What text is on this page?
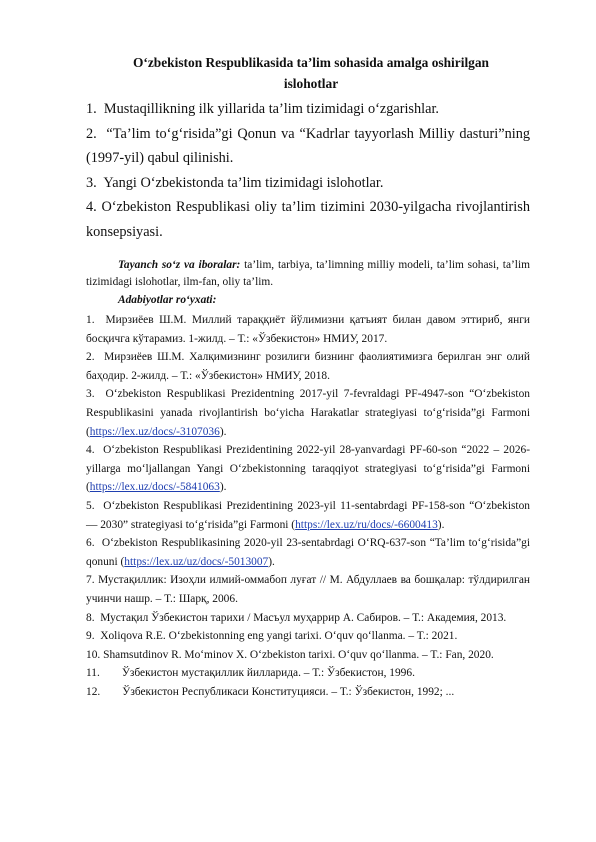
O‘zbekiston Respublikasida ta’lim sohasida amalga oshirilgan
islohotlar
1. Mustaqillikning ilk yillarida ta’lim tizimidagi o‘zgarishlar.
2. “Ta’lim to‘g‘risida”gi Qonun va “Kadrlar tayyorlash Milliy dasturi”ning (1997-yil) qabul qilinishi.
3. Yangi O‘zbekistonda ta’lim tizimidagi islohotlar.
4. O‘zbekiston Respublikasi oliy ta’lim tizimini 2030-yilgacha rivojlantirish konsepsiyasi.

Tayanch so‘z va iboralar: ta’lim, tarbiya, ta’limning milliy modeli, ta’lim sohasi, ta’lim tizimidagi islohotlar, ilm-fan, oliy ta’lim.

Adabiyotlar ro‘yxati:
1. Мирзиёев Ш.М. Миллий тараққиёт йўлимизни қатъият билан давом эттириб, янги босқичга кўтарамиз. 1-жилд. – Т.: «Ўзбекистон» НМИУ, 2017.
2. Мирзиёев Ш.М. Халқимизнинг розилиги бизнинг фаолиятимизга берилган энг олий баҳодир. 2-жилд. – Т.: «Ўзбекистон» НМИУ, 2018.
3. O‘zbekiston Respublikasi Prezidentning 2017-yil 7-fevraldagi PF-4947-son “O‘zbekiston Respublikasini yanada rivojlantirish bo‘yicha Harakatlar strategiyasi to‘g‘risida”gi Farmoni (https://lex.uz/docs/-3107036).
4. O‘zbekiston Respublikasi Prezidentining 2022-yil 28-yanvardagi PF-60-son “2022 – 2026-yillarga mo‘ljallangan Yangi O‘zbekistonning taraqqiyot strategiyasi to‘g‘risida”gi Farmoni (https://lex.uz/docs/-5841063).
5. O‘zbekiston Respublikasi Prezidentining 2023-yil 11-sentabrdagi PF-158-son “O‘zbekiston — 2030” strategiyasi to‘g‘risida”gi Farmoni (https://lex.uz/ru/docs/-6600413).
6. O‘zbekiston Respublikasining 2020-yil 23-sentabrdagi O‘RQ-637-son “Ta’lim to‘g‘risida”gi qonuni (https://lex.uz/uz/docs/-5013007).
7. Мустақиллик: Изоҳли илмий-оммабоп луғат // М. Абдуллаев ва бошқалар: тўлдирилган учинчи нашр. – Т.: Шарқ, 2006.
8. Мустақил Ўзбекистон тарихи / Масъул муҳаррир А. Сабиров. – Т.: Академия, 2013.
9. Xoliqova R.E. O‘zbekistonning eng yangi tarixi. O‘quv qo‘llanma. – T.: 2021.
10. Shamsutdinov R. Mo‘minov X. O‘zbekiston tarixi. O‘quv qo‘llanma. – T.: Fan, 2020.
11. Ўзбекистон мустақиллик йилларида. – Т.: Ўзбекистон, 1996.
12. Ўзбекистон Республикаси Конституцияси. – Т.: Ўзбекистон, 1992; ...
